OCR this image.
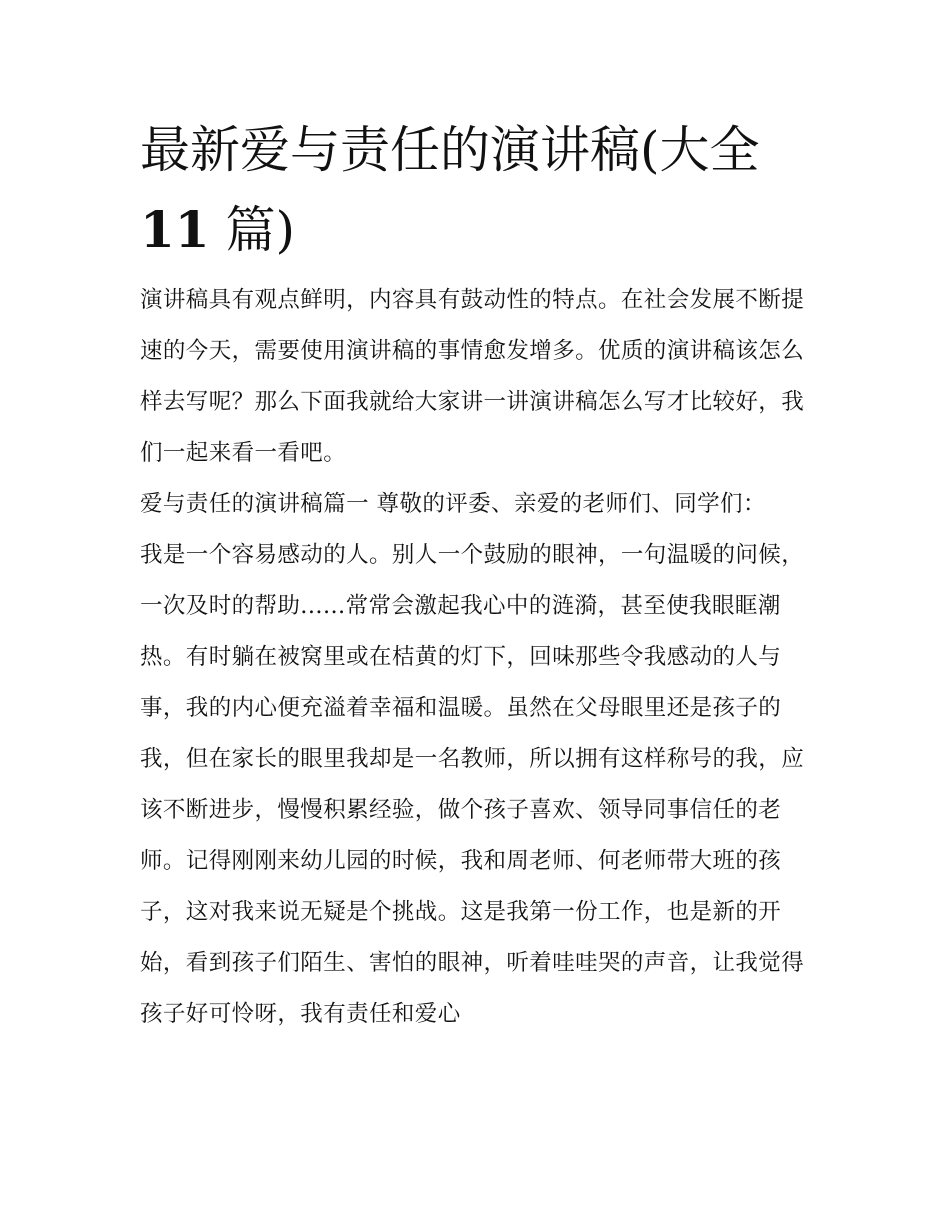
最新爱与责任的演讲稿(大全
11 篇)

演讲稿具有观点鲜明，内容具有鼓动性的特点。在社会发展不断提速的今天，需要使用演讲稿的事情愈发增多。优质的演讲稿该怎么样去写呢？那么下面我就给大家讲一讲演讲稿怎么写才比较好，我们一起来看一看吧。

爱与责任的演讲稿篇一 尊敬的评委、亲爱的老师们、同学们：

我是一个容易感动的人。别人一个鼓励的眼神，一句温暖的问候，一次及时的帮助......常常会激起我心中的涟漪，甚至使我眼眶潮热。有时躺在被窝里或在桔黄的灯下，回味那些令我感动的人与事，我的内心便充溢着幸福和温暖。虽然在父母眼里还是孩子的我，但在家长的眼里我却是一名教师，所以拥有这样称号的我，应该不断进步，慢慢积累经验，做个孩子喜欢、领导同事信任的老师。记得刚刚来幼儿园的时候，我和周老师、何老师带大班的孩子，这对我来说无疑是个挑战。这是我第一份工作，也是新的开始，看到孩子们陌生、害怕的眼神，听着哇哇哭的声音，让我觉得孩子好可怜呀，我有责任和爱心
